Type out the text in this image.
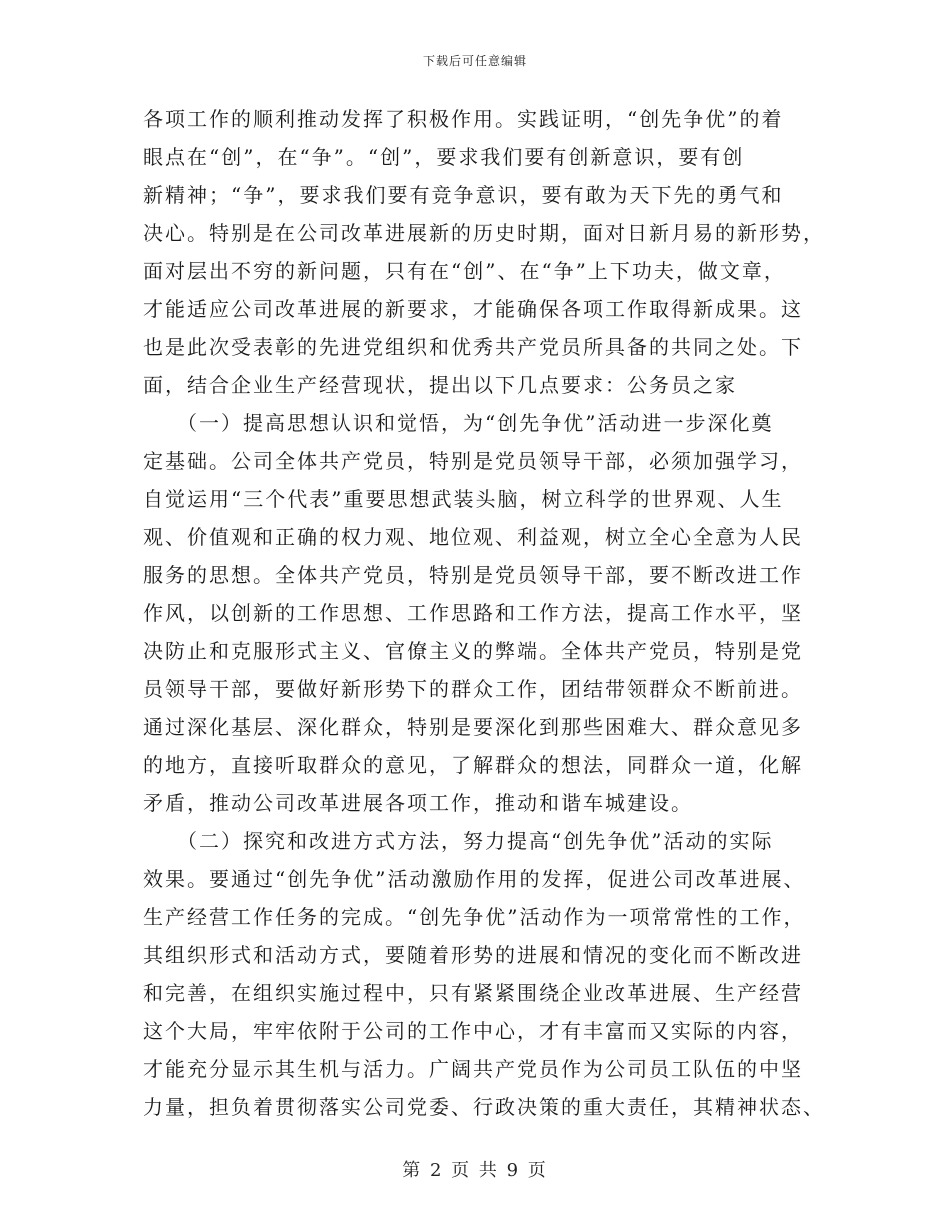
下载后可任意编辑
各项工作的顺利推动发挥了积极作用。实践证明，“创先争优”的着
眼点在“创”，在“争”。“创”，要求我们要有创新意识，要有创
新精神；“争”，要求我们要有竞争意识，要有敢为天下先的勇气和
决心。特别是在公司改革进展新的历史时期，面对日新月易的新形势，
面对层出不穷的新问题，只有在“创”、在“争”上下功夫，做文章，
才能适应公司改革进展的新要求，才能确保各项工作取得新成果。这
也是此次受表彰的先进党组织和优秀共产党员所具备的共同之处。下
面，结合企业生产经营现状，提出以下几点要求：公务员之家
　　（一）提高思想认识和觉悟，为“创先争优”活动进一步深化奠
定基础。公司全体共产党员，特别是党员领导干部，必须加强学习，
自觉运用“三个代表”重要思想武装头脑，树立科学的世界观、人生
观、价值观和正确的权力观、地位观、利益观，树立全心全意为人民
服务的思想。全体共产党员，特别是党员领导干部，要不断改进工作
作风，以创新的工作思想、工作思路和工作方法，提高工作水平，坚
决防止和克服形式主义、官僚主义的弊端。全体共产党员，特别是党
员领导干部，要做好新形势下的群众工作，团结带领群众不断前进。
通过深化基层、深化群众，特别是要深化到那些困难大、群众意见多
的地方，直接听取群众的意见，了解群众的想法，同群众一道，化解
矛盾，推动公司改革进展各项工作，推动和谐车城建设。
　　（二）探究和改进方式方法，努力提高“创先争优”活动的实际
效果。要通过“创先争优”活动激励作用的发挥，促进公司改革进展、
生产经营工作任务的完成。“创先争优”活动作为一项常常性的工作，
其组织形式和活动方式，要随着形势的进展和情况的变化而不断改进
和完善，在组织实施过程中，只有紧紧围绕企业改革进展、生产经营
这个大局，牢牢依附于公司的工作中心，才有丰富而又实际的内容，
才能充分显示其生机与活力。广阔共产党员作为公司员工队伍的中坚
力量，担负着贯彻落实公司党委、行政决策的重大责任，其精神状态、
第 2 页 共 9 页
